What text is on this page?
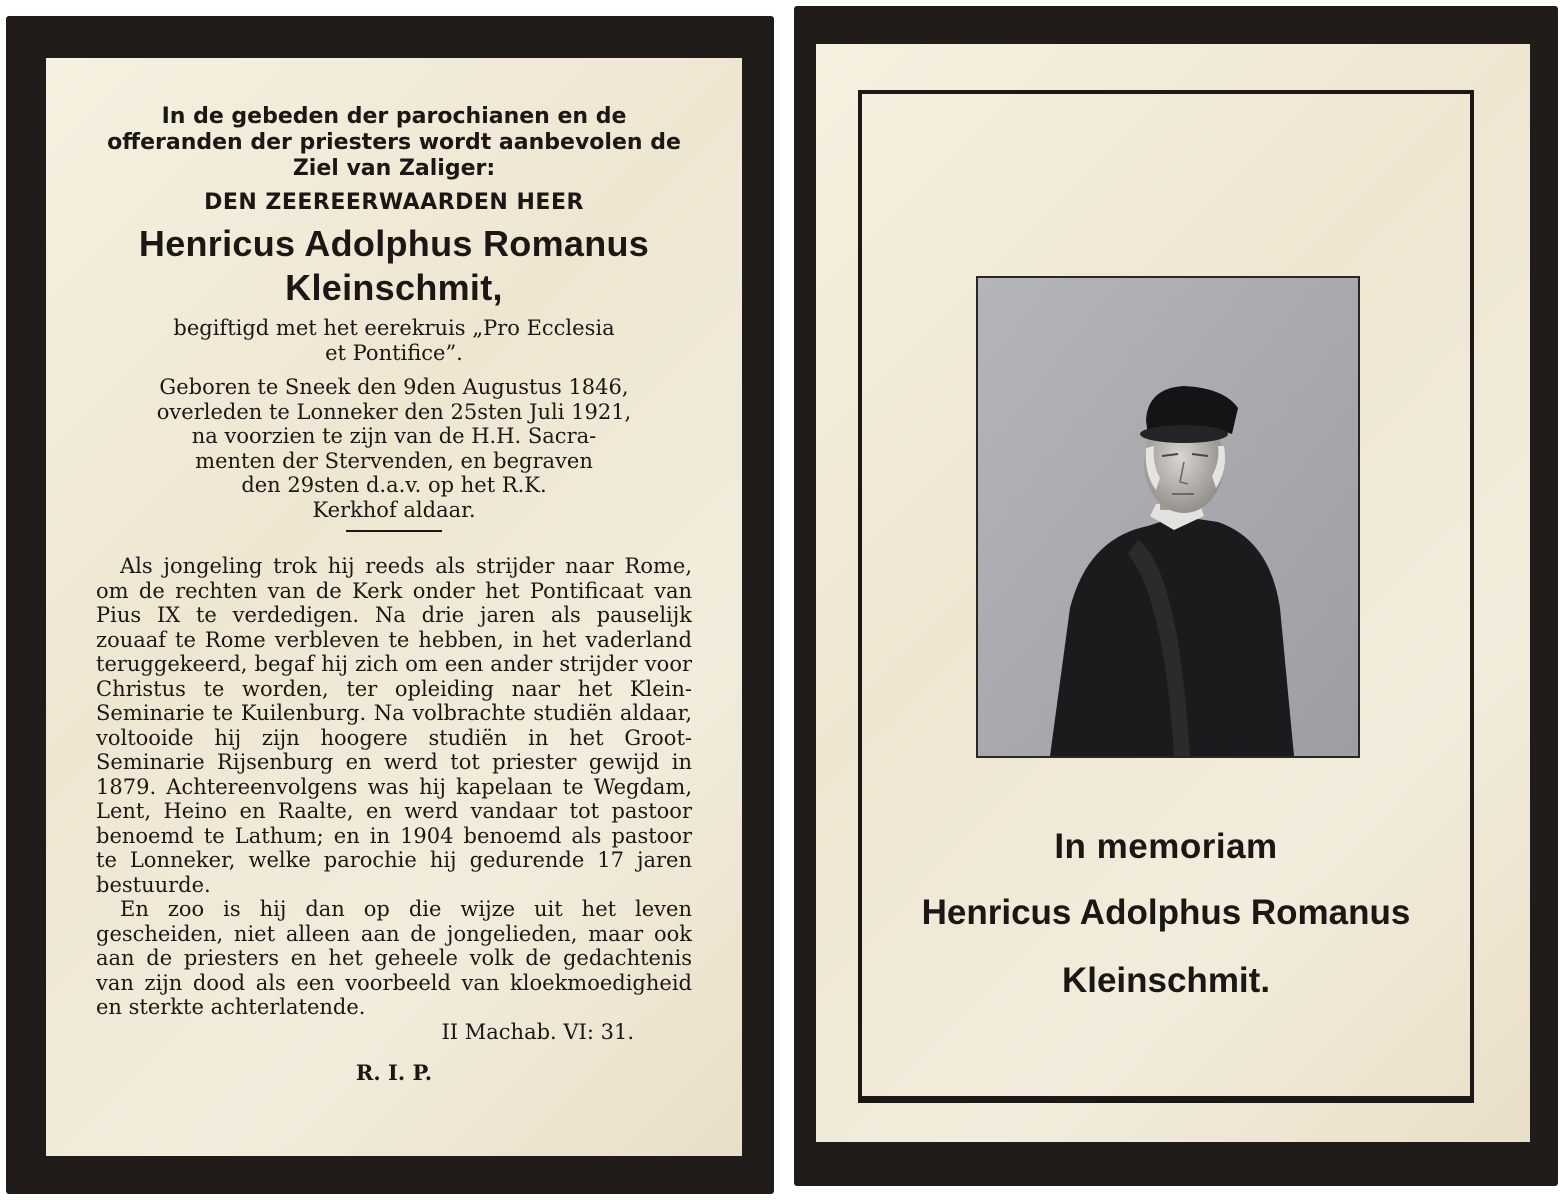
In de gebeden der parochianen en de
offeranden der priesters wordt aanbevolen de
Ziel van Zaliger:
DEN ZEEREERWAARDEN HEER
Henricus Adolphus Romanus
Kleinschmit,
begiftigd met het eerekruis „Pro Ecclesia
et Pontifice”.
Geboren te Sneek den 9den Augustus 1846,
overleden te Lonneker den 25sten Juli 1921,
na voorzien te zijn van de H.H. Sacra-
menten der Stervenden, en begraven
den 29sten d.a.v. op het R.K.
Kerkhof aldaar.

Als jongeling trok hij reeds als strijder naar Rome, om de rechten van de Kerk onder het Pontificaat van Pius IX te verdedigen. Na drie jaren als pauselijk zouaaf te Rome verbleven te hebben, in het vaderland teruggekeerd, begaf hij zich om een ander strijder voor Christus te worden, ter opleiding naar het Klein-Seminarie te Kuilenburg. Na volbrachte studiën aldaar, voltooide hij zijn hoogere studiën in het Groot-Seminarie Rijsenburg en werd tot priester gewijd in 1879. Achtereenvolgens was hij kapelaan te Wegdam, Lent, Heino en Raalte, en werd vandaar tot pastoor benoemd te Lathum; en in 1904 benoemd als pastoor te Lonneker, welke parochie hij gedurende 17 jaren bestuurde.

En zoo is hij dan op die wijze uit het leven gescheiden, niet alleen aan de jongelieden, maar ook aan de priesters en het geheele volk de gedachtenis van zijn dood als een voorbeeld van kloekmoedigheid en sterkte achterlatende.

II Machab. VI: 31.
R. I. P.
In memoriam
Henricus Adolphus Romanus
Kleinschmit.
